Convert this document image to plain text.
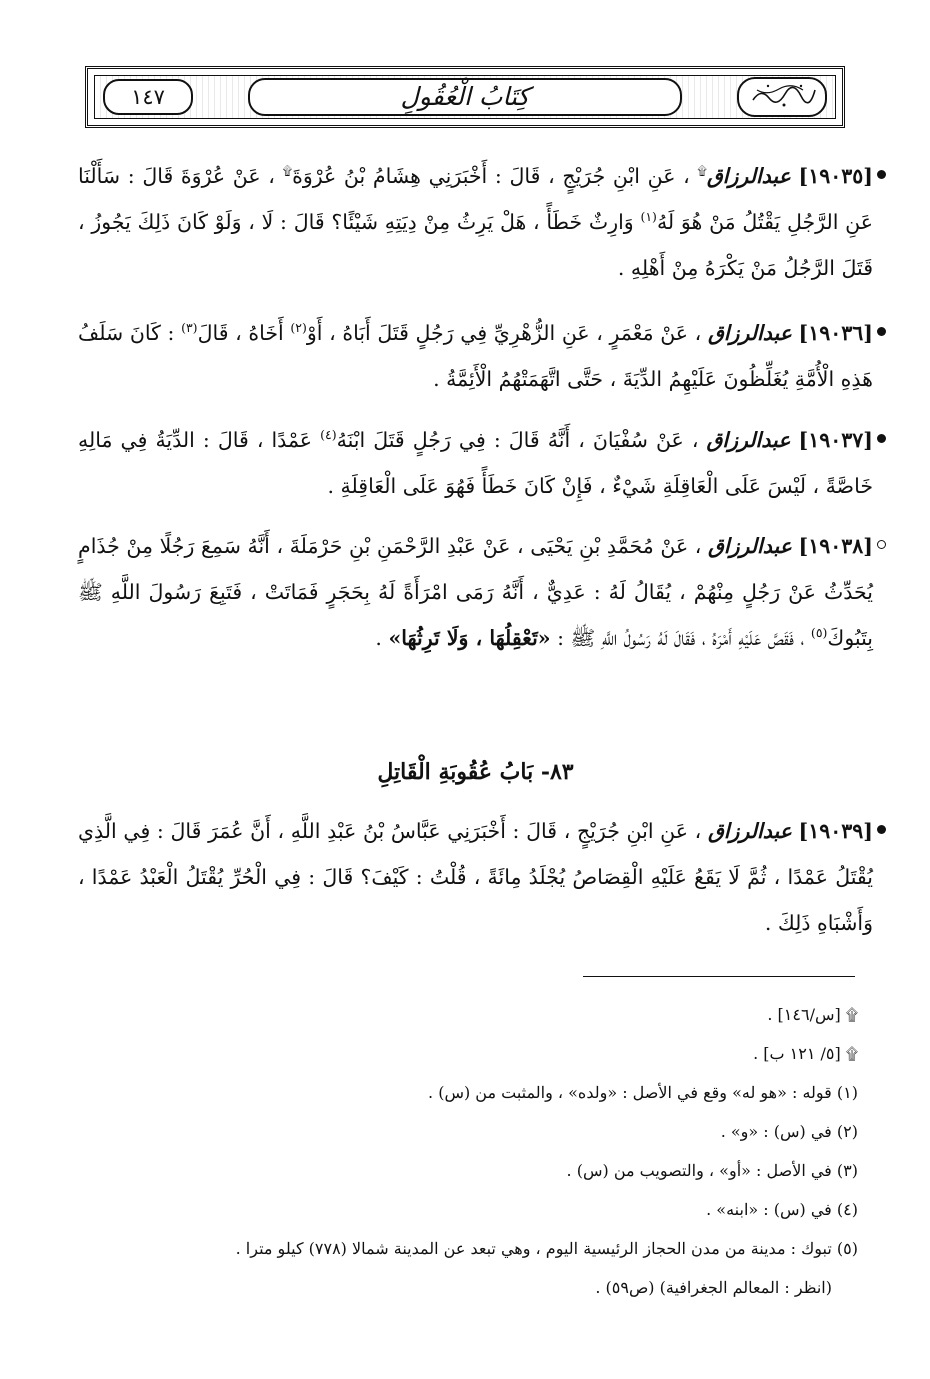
كِتَابُ الْعُقُولِ
١٤٧
[١٩٠٣٥] عبدالرزاق۩ ، عَنِ ابْنِ جُرَيْجٍ ، قَالَ : أَخْبَرَنِي هِشَامُ بْنُ عُرْوَةَ۩ ، عَنْ عُرْوَةَ قَالَ : سَأَلْنَا عَنِ الرَّجُلِ يَقْتُلُ مَنْ هُوَ لَهُ$^{(١)}$ وَارِثٌ خَطَأً ، هَلْ يَرِثُ مِنْ دِيَتِهِ شَيْئًا؟ قَالَ : لَا ، وَلَوْ كَانَ ذَلِكَ يَجُوزُ ، قَتَلَ الرَّجُلُ مَنْ يَكْرَهُ مِنْ أَهْلِهِ .
[١٩٠٣٦] عبدالرزاق ، عَنْ مَعْمَرٍ ، عَنِ الزُّهْرِيِّ فِي رَجُلٍ قَتَلَ أَبَاهُ ، أَوْ$^{(٢)}$ أَخَاهُ ، قَالَ$^{(٣)}$ : كَانَ سَلَفُ هَذِهِ الْأُمَّةِ يُغَلِّظُونَ عَلَيْهِمُ الدِّيَةَ ، حَتَّى اتَّهَمَتْهُمُ الْأَئِمَّةُ .
[١٩٠٣٧] عبدالرزاق ، عَنْ سُفْيَانَ ، أَنَّهُ قَالَ : فِي رَجُلٍ قَتَلَ ابْنَهُ$^{(٤)}$ عَمْدًا ، قَالَ : الدِّيَةُ فِي مَالِهِ خَاصَّةً ، لَيْسَ عَلَى الْعَاقِلَةِ شَيْءٌ ، فَإِنْ كَانَ خَطَأً فَهُوَ عَلَى الْعَاقِلَةِ .
[١٩٠٣٨] عبدالرزاق ، عَنْ مُحَمَّدِ بْنِ يَحْيَى ، عَنْ عَبْدِ الرَّحْمَنِ بْنِ حَرْمَلَةَ ، أَنَّهُ سَمِعَ رَجُلًا مِنْ جُذَامٍ يُحَدِّثُ عَنْ رَجُلٍ مِنْهُمْ ، يُقَالُ لَهُ : عَدِيٌّ ، أَنَّهُ رَمَى امْرَأَةً لَهُ بِحَجَرٍ فَمَاتَتْ ، فَتَبِعَ رَسُولَ اللَّهِ ﷺ بِتَبُوكَ$^{(٥)}$ ، فَقَصَّ عَلَيْهِ أَمْرَهُ ، فَقَالَ لَهُ رَسُولُ اللَّهِ ﷺ : «تَعْقِلُهَا ، وَلَا تَرِثُهَا» .
٨٣- بَابُ عُقُوبَةِ الْقَاتِلِ
[١٩٠٣٩] عبدالرزاق ، عَنِ ابْنِ جُرَيْجٍ ، قَالَ : أَخْبَرَنِي عَبَّاسُ بْنُ عَبْدِ اللَّهِ ، أَنَّ عُمَرَ قَالَ : فِي الَّذِي يُقْتَلُ عَمْدًا ، ثُمَّ لَا يَقَعُ عَلَيْهِ الْقِصَاصُ يُجْلَدُ مِائَةً ، قُلْتُ : كَيْفَ؟ قَالَ : فِي الْحُرِّ يُقْتَلُ الْعَبْدُ عَمْدًا ، وَأَشْبَاهِ ذَلِكَ .
۩ [س/١٤٦] .
۩ [٥/ ١٢١ ب] .
(١) قوله : «هو له» وقع في الأصل : «ولده» ، والمثبت من (س) .
(٢) في (س) : «و» .
(٣) في الأصل : «أو» ، والتصويب من (س) .
(٤) في (س) : «ابنه» .
(٥) تبوك : مدينة من مدن الحجاز الرئيسية اليوم ، وهي تبعد عن المدينة شمالا (٧٧٨) كيلو مترا .
(انظر : المعالم الجغرافية) (ص٥٩) .
